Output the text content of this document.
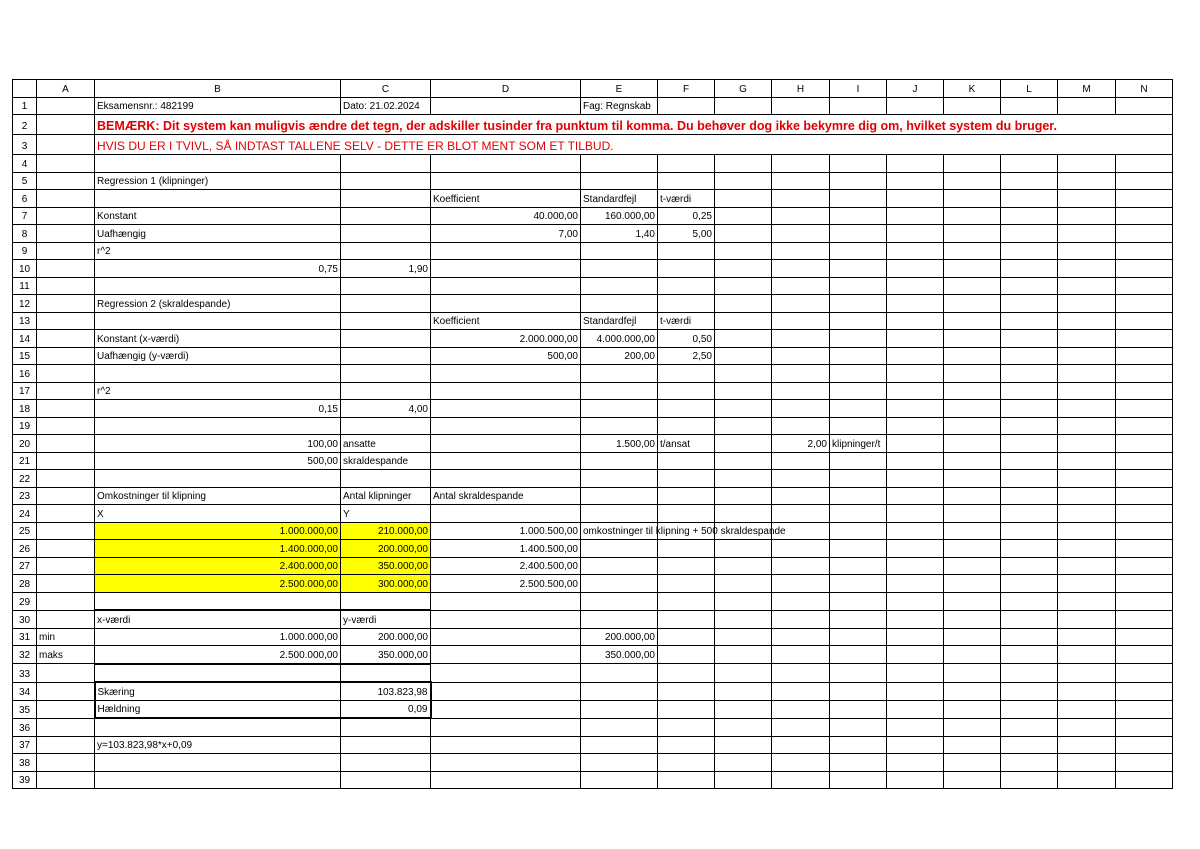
	A	B	C	D	E	F	G	H	I	J	K	L	M	N
1		Eksamensnr.: 482199	Dato: 21.02.2024		Fag: Regnskab									
2		BEMÆRK: Dit system kan muligvis ændre det tegn, der adskiller tusinder fra punktum til komma. Du behøver dog ikke bekymre dig om, hvilket system du bruger.												
3		HVIS DU ER I TVIVL, SÅ INDTAST TALLENE SELV - DETTE ER BLOT MENT SOM ET TILBUD.												
4														
5		Regression 1 (klipninger)												
6				Koefficient	Standardfejl	t-værdi								
7		Konstant		40.000,00	160.000,00	0,25								
8		Uafhængig		7,00	1,40	5,00								
9		r^2												
10		0,75	1,90											
11														
12		Regression 2 (skraldespande)												
13				Koefficient	Standardfejl	t-værdi								
14		Konstant (x-værdi)		2.000.000,00	4.000.000,00	0,50								
15		Uafhængig (y-værdi)		500,00	200,00	2,50								
16														
17		r^2												
18		0,15	4,00											
19														
20		100,00	ansatte		1.500,00	t/ansat		2,00	klipninger/t					
21		500,00	skraldespande											
22														
23		Omkostninger til klipning	Antal klipninger	Antal skraldespande										
24		X	Y											
25		1.000.000,00	210.000,00	1.000.500,00	omkostninger til klipning + 500 skraldespande									
26		1.400.000,00	200.000,00	1.400.500,00										
27		2.400.000,00	350.000,00	2.400.500,00										
28		2.500.000,00	300.000,00	2.500.500,00										
29														
30		x-værdi	y-værdi											
31	min	1.000.000,00	200.000,00		200.000,00									
32	maks	2.500.000,00	350.000,00		350.000,00									
33														
34		Skæring	103.823,98											
35		Hældning	0,09											
36														
37		y=103.823,98*x+0,09												
38														
39														
